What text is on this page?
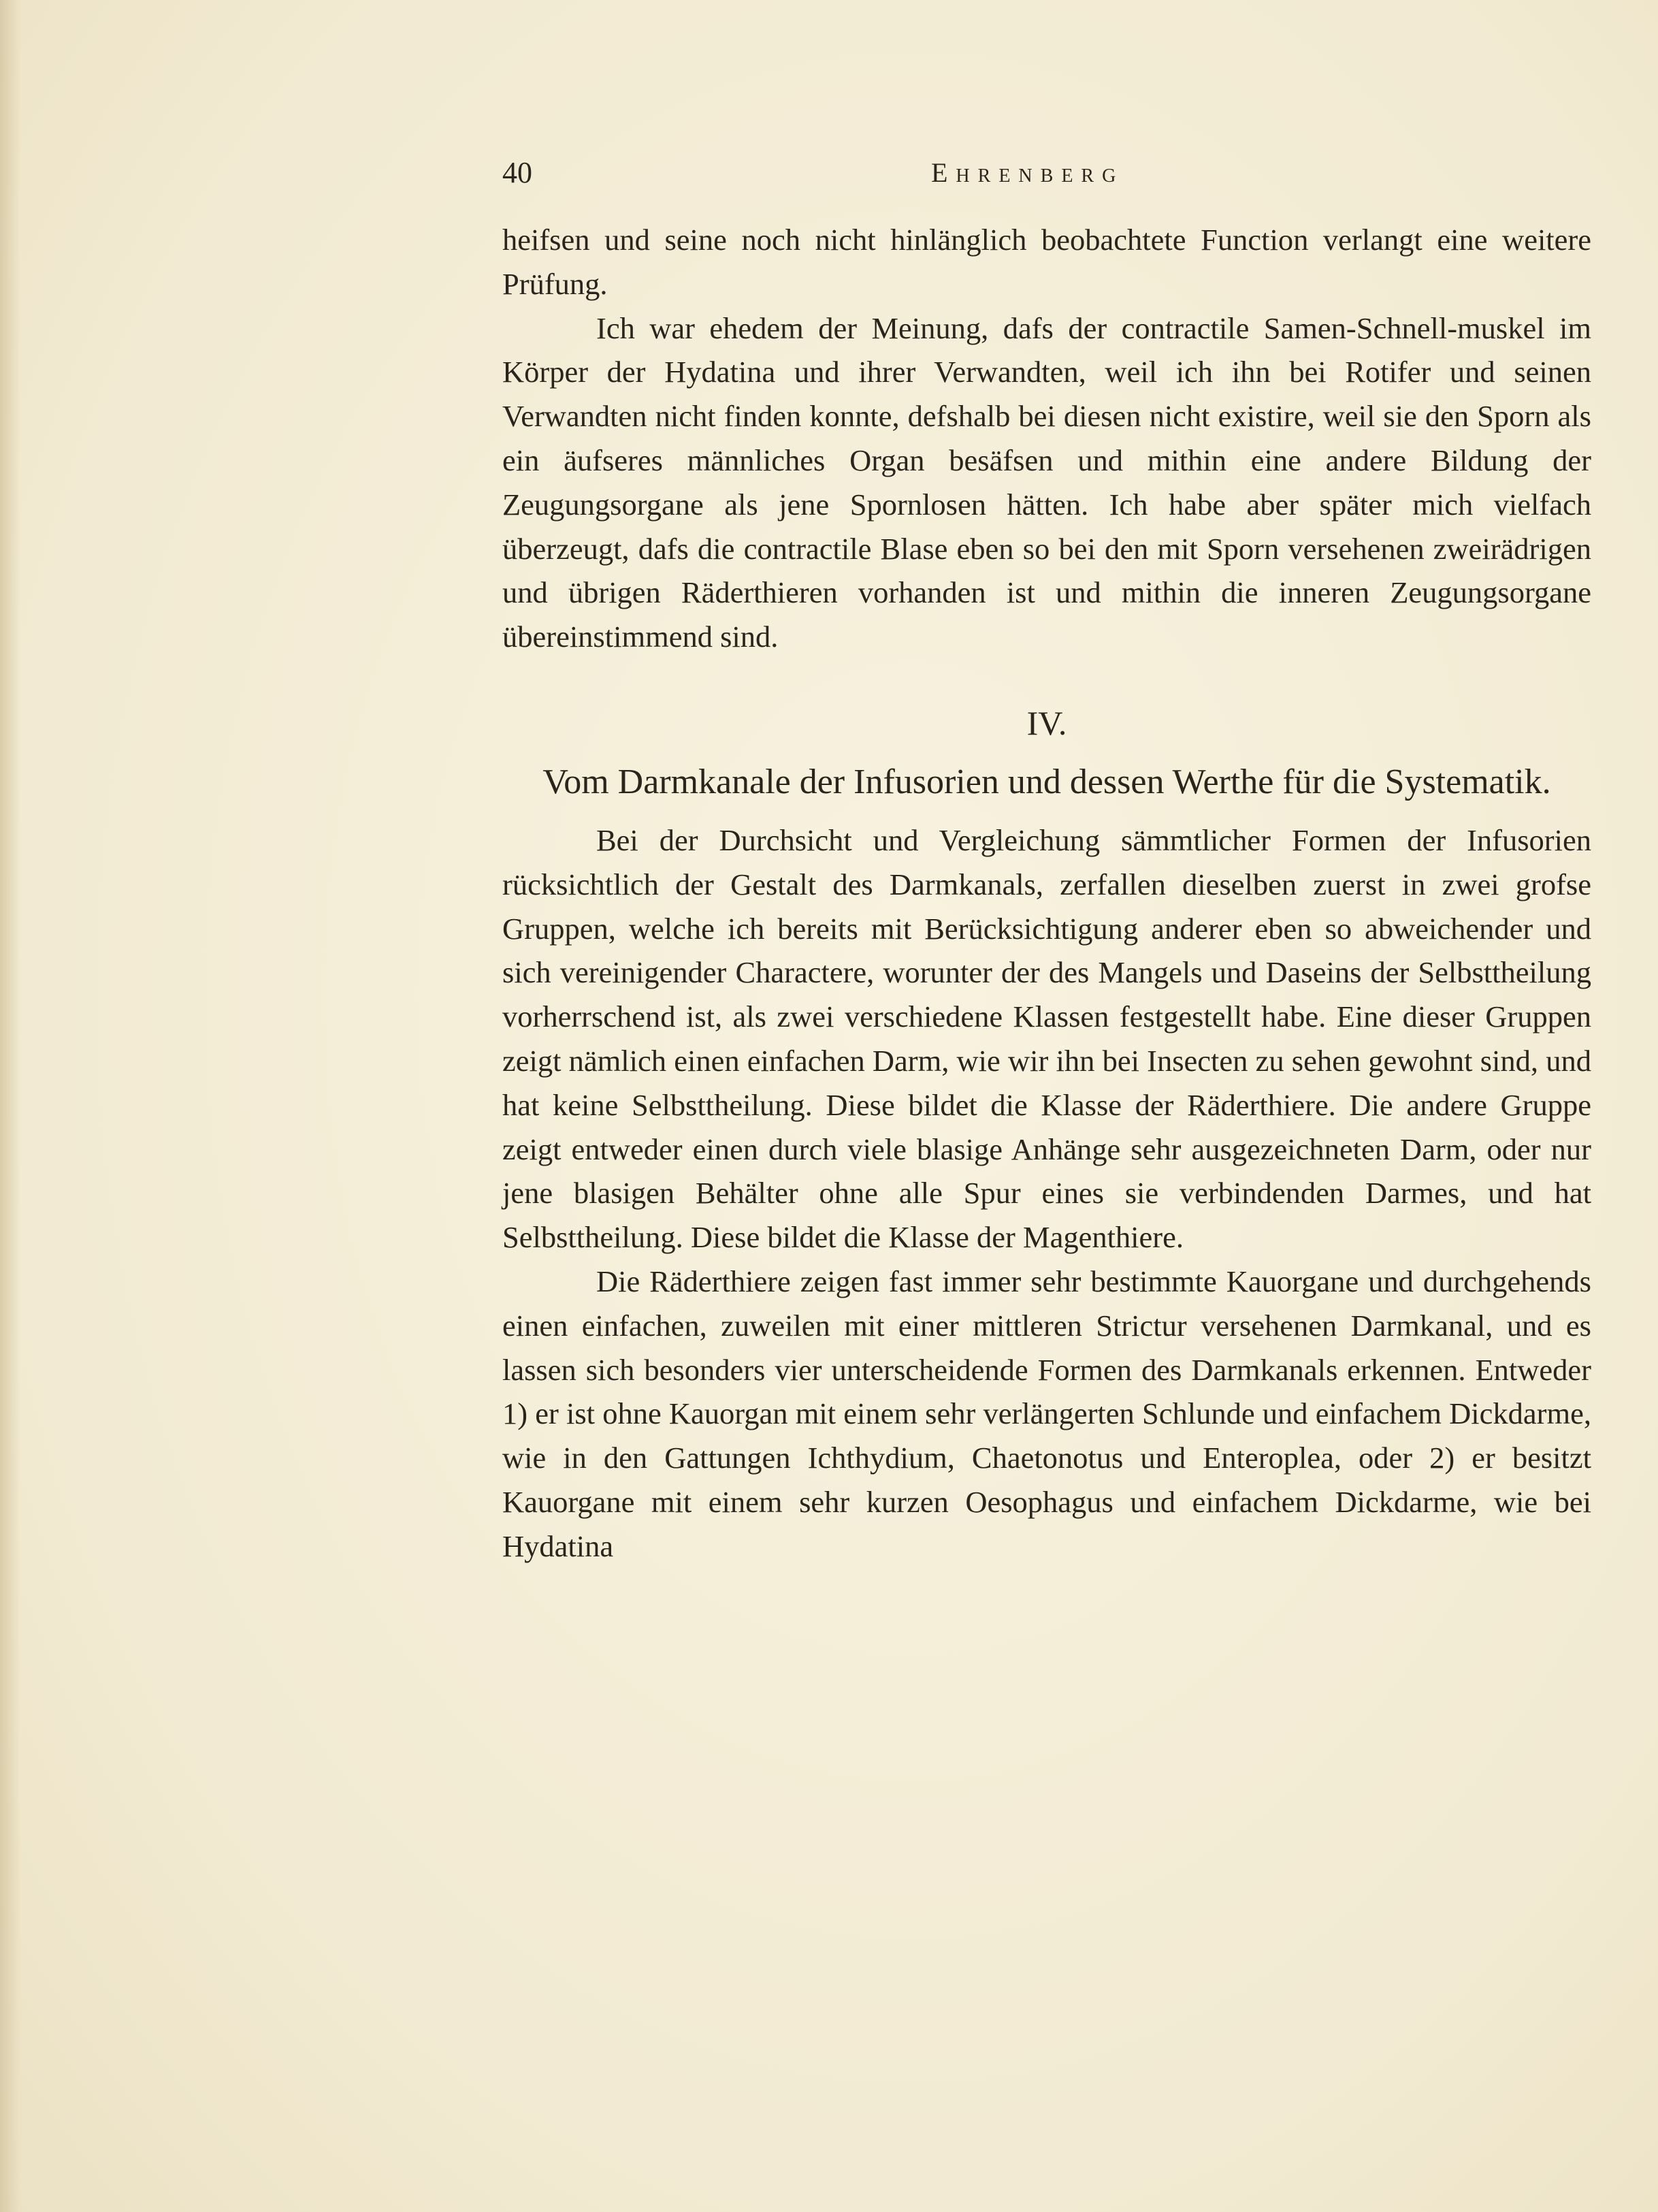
40	Ehrenberg

heifsen und seine noch nicht hinlänglich beobachtete Function verlangt eine weitere Prüfung.

Ich war ehedem der Meinung, dafs der contractile Samen-Schnell-muskel im Körper der Hydatina und ihrer Verwandten, weil ich ihn bei Rotifer und seinen Verwandten nicht finden konnte, defshalb bei diesen nicht existire, weil sie den Sporn als ein äufseres männliches Organ besäfsen und mithin eine andere Bildung der Zeugungsorgane als jene Spornlosen hätten. Ich habe aber später mich vielfach überzeugt, dafs die contractile Blase eben so bei den mit Sporn versehenen zweirädrigen und übrigen Räderthieren vorhanden ist und mithin die inneren Zeugungsorgane übereinstimmend sind.

IV.
Vom Darmkanale der Infusorien und dessen Werthe für die Systematik.

Bei der Durchsicht und Vergleichung sämmtlicher Formen der Infusorien rücksichtlich der Gestalt des Darmkanals, zerfallen dieselben zuerst in zwei grofse Gruppen, welche ich bereits mit Berücksichtigung anderer eben so abweichender und sich vereinigender Charactere, worunter der des Mangels und Daseins der Selbsttheilung vorherrschend ist, als zwei verschiedene Klassen festgestellt habe. Eine dieser Gruppen zeigt nämlich einen einfachen Darm, wie wir ihn bei Insecten zu sehen gewohnt sind, und hat keine Selbsttheilung. Diese bildet die Klasse der Räderthiere. Die andere Gruppe zeigt entweder einen durch viele blasige Anhänge sehr ausgezeichneten Darm, oder nur jene blasigen Behälter ohne alle Spur eines sie verbindenden Darmes, und hat Selbsttheilung. Diese bildet die Klasse der Magenthiere.

Die Räderthiere zeigen fast immer sehr bestimmte Kauorgane und durchgehends einen einfachen, zuweilen mit einer mittleren Strictur versehenen Darmkanal, und es lassen sich besonders vier unterscheidende Formen des Darmkanals erkennen. Entweder 1) er ist ohne Kauorgan mit einem sehr verlängerten Schlunde und einfachem Dickdarme, wie in den Gattungen Ichthydium, Chaetonotus und Enteroplea, oder 2) er besitzt Kauorgane mit einem sehr kurzen Oesophagus und einfachem Dickdarme, wie bei Hydatina
